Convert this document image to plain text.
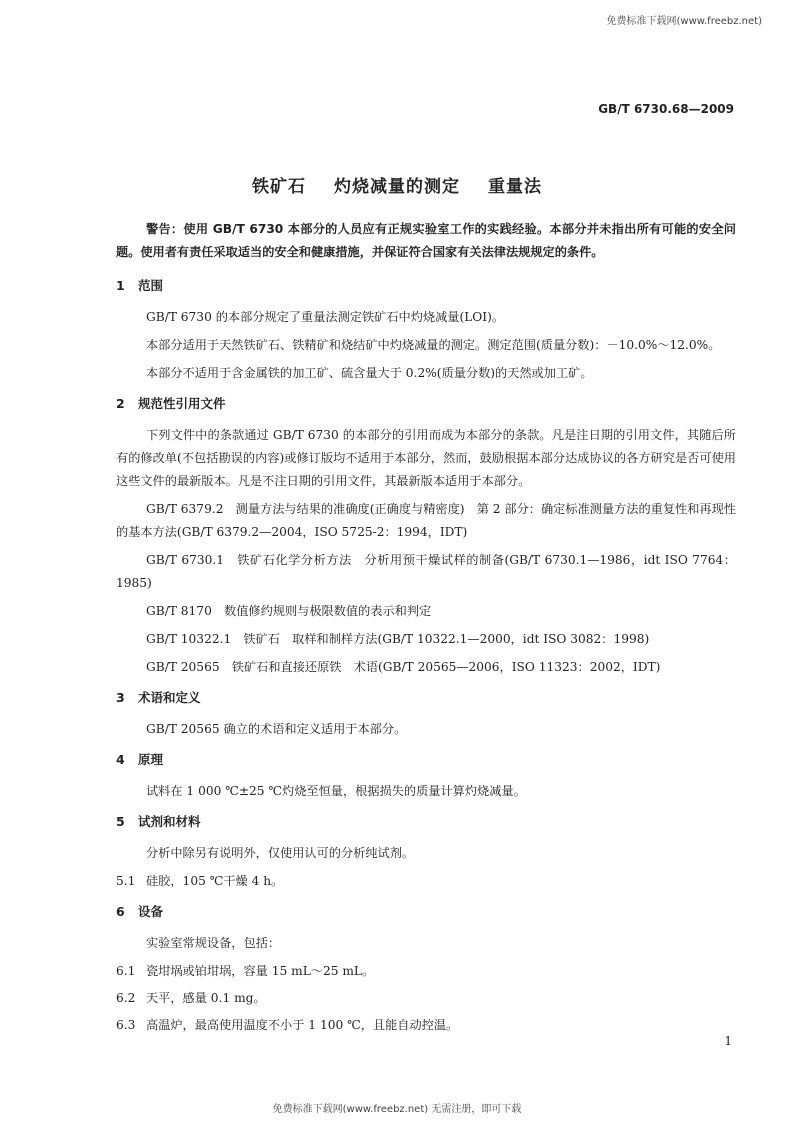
免费标准下载网(www.freebz.net)
GB/T 6730.68—2009
铁矿石 灼烧减量的测定 重量法

警告：使用 GB/T 6730 本部分的人员应有正规实验室工作的实践经验。本部分并未指出所有可能的安全问题。使用者有责任采取适当的安全和健康措施，并保证符合国家有关法律法规规定的条件。

1 范围

GB/T 6730 的本部分规定了重量法测定铁矿石中灼烧减量(LOI)。

本部分适用于天然铁矿石、铁精矿和烧结矿中灼烧减量的测定。测定范围(质量分数)：－10.0%～12.0%。

本部分不适用于含金属铁的加工矿、硫含量大于 0.2%(质量分数)的天然或加工矿。

2 规范性引用文件

下列文件中的条款通过 GB/T 6730 的本部分的引用而成为本部分的条款。凡是注日期的引用文件，其随后所有的修改单(不包括勘误的内容)或修订版均不适用于本部分，然而，鼓励根据本部分达成协议的各方研究是否可使用这些文件的最新版本。凡是不注日期的引用文件，其最新版本适用于本部分。

GB/T 6379.2　测量方法与结果的准确度(正确度与精密度)　第 2 部分：确定标准测量方法的重复性和再现性的基本方法(GB/T 6379.2—2004，ISO 5725-2：1994，IDT)

GB/T 6730.1　铁矿石化学分析方法　分析用预干燥试样的制备(GB/T 6730.1—1986，idt ISO 7764：1985)

GB/T 8170　数值修约规则与极限数值的表示和判定

GB/T 10322.1　铁矿石　取样和制样方法(GB/T 10322.1—2000，idt ISO 3082：1998)

GB/T 20565　铁矿石和直接还原铁　术语(GB/T 20565—2006，ISO 11323：2002，IDT)

3 术语和定义

GB/T 20565 确立的术语和定义适用于本部分。

4 原理

试料在 1 000 ℃±25 ℃灼烧至恒量，根据损失的质量计算灼烧减量。

5 试剂和材料

分析中除另有说明外，仅使用认可的分析纯试剂。

5.1 硅胶，105 ℃干燥 4 h。
6 设备

实验室常规设备，包括：

6.1 瓷坩埚或铂坩埚，容量 15 mL～25 mL。
6.2 天平，感量 0.1 mg。
6.3 高温炉，最高使用温度不小于 1 100 ℃，且能自动控温。
1
免费标准下载网(www.freebz.net) 无需注册，即可下载
